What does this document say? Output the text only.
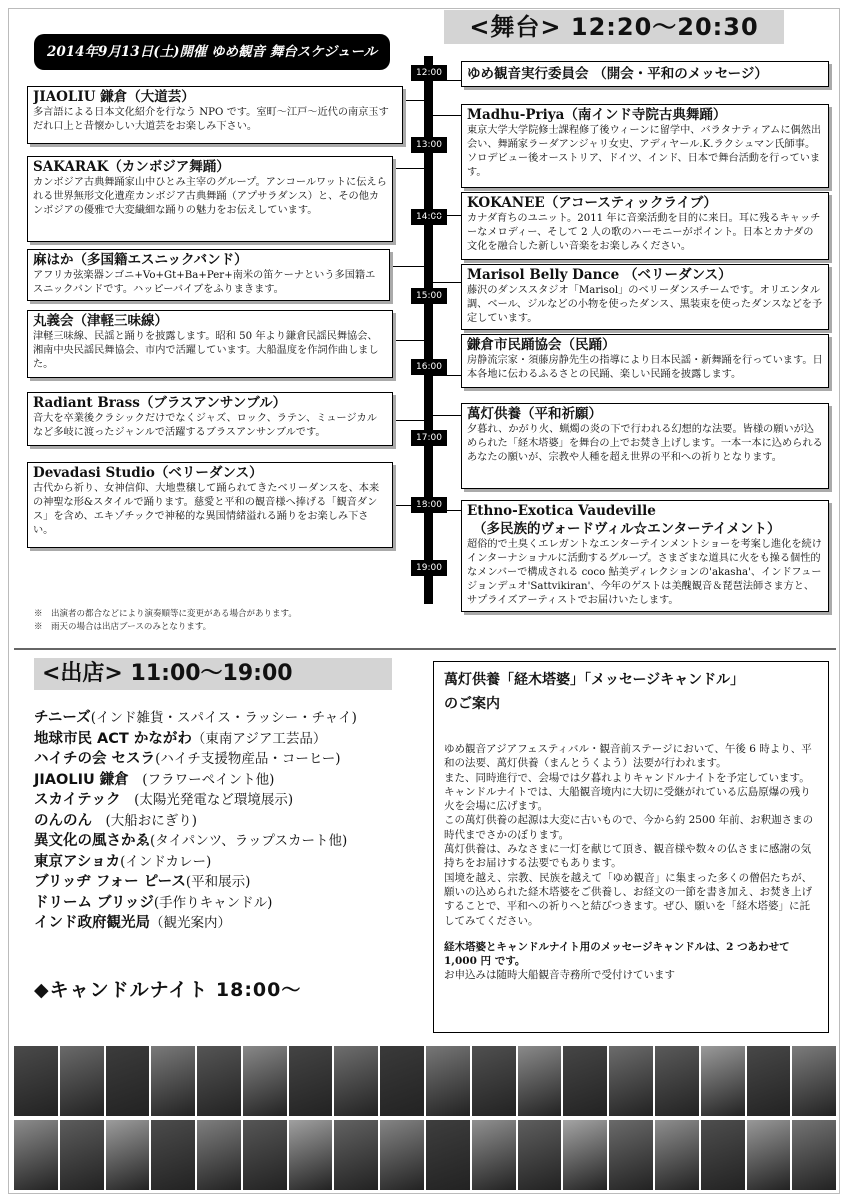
<舞台> 12:20～20:30
2014年9月13日(土)開催 ゆめ観音 舞台スケジュール
12:00
13:00
14:00
15:00
16:00
17:00
18:00
19:00
JIAOLIU 鎌倉（大道芸）
多言語による日本文化紹介を行なう NPO です。室町～江戸～近代の南京玉すだれ口上と昔懐かしい大道芸をお楽しみ下さい。
SAKARAK（カンボジア舞踊）
カンボジア古典舞踊家山中ひとみ主宰のグループ。アンコールワットに伝えられる世界無形文化遺産カンボジア古典舞踊（アプサラダンス）と、その他カンボジアの優雅で大変繊細な踊りの魅力をお伝えしています。
麻はか（多国籍エスニックバンド）
アフリカ弦楽器ンゴニ+Vo+Gt+Ba+Per+南米の笛ケーナという多国籍エスニックバンドです。ハッピーバイブをふりまきます。
丸義会（津軽三味線）
津軽三味線、民謡と踊りを披露します。昭和 50 年より鎌倉民謡民舞協会、湘南中央民謡民舞協会、市内で活躍しています。大船温度を作詞作曲しました。
Radiant Brass（ブラスアンサンブル）
音大を卒業後クラシックだけでなくジャズ、ロック、ラテン、ミュージカルなど多岐に渡ったジャンルで活躍するブラスアンサンブルです。
Devadasi Studio（ベリーダンス）
古代から祈り、女神信仰、大地豊穣して踊られてきたベリーダンスを、本来の神聖な形&スタイルで踊ります。慈愛と平和の観音様へ捧げる「観音ダンス」を含め、エキゾチックで神秘的な異国情緒溢れる踊りをお楽しみ下さい。
ゆめ観音実行委員会 （開会・平和のメッセージ）
Madhu-Priya（南インド寺院古典舞踊）
東京大学大学院修士課程修了後ウィーンに留学中、バラタナティアムに偶然出会い、舞踊家ラーダアンジャリ女史、アディヤール.K.ラクシュマン氏師事。ソロデビュー後オーストリア、ドイツ、インド、日本で舞台活動を行っています。
KOKANEE（アコースティックライブ）
カナダ育ちのユニット。2011 年に音楽活動を目的に来日。耳に残るキャッチーなメロディー、そして 2 人の歌のハーモニーがポイント。日本とカナダの文化を融合した新しい音楽をお楽しみください。
Marisol Belly Dance （ベリーダンス）
藤沢のダンススタジオ「Marisol」のベリーダンスチームです。オリエンタル調、ベール、ジルなどの小物を使ったダンス、黒装束を使ったダンスなどを予定しています。
鎌倉市民踊協会（民踊）
房静流宗家・須藤房静先生の指導により日本民謡・新舞踊を行っています。日本各地に伝わるふるさとの民踊、楽しい民踊を披露します。
萬灯供養（平和祈願）
夕暮れ、かがり火、蝋燭の炎の下で行われる幻想的な法要。皆様の願いが込められた「経木塔婆」を舞台の上でお焚き上げします。一本一本に込められるあなたの願いが、宗教や人種を超え世界の平和への祈りとなります。
Ethno-Exotica Vaudeville
（多民族的ヴォードヴィル☆エンターテイメント）
超俗的で土臭くエレガントなエンターテインメントショーを考案し進化を続けインターナショナルに活動するグループ。さまざまな道具に火をも操る個性的なメンバーで構成される coco 鮎美ディレクションの'akasha'、インドフュージョンデュオ'Sattvikiran'、今年のゲストは美醜観音＆琵琶法師さま方と、サプライズアーティストでお届けいたします。
※　出演者の都合などにより演奏順等に変更がある場合があります。
※　雨天の場合は出店ブースのみとなります。
<出店> 11:00～19:00
チニーズ(インド雑貨・スパイス・ラッシー・チャイ)
地球市民 ACT かながわ（東南アジア工芸品）
ハイチの会 セスラ(ハイチ支援物産品・コーヒー)
JIAOLIU 鎌倉　(フラワーペイント他)
スカイテック　(太陽光発電など環境展示)
のんのん　(大船おにぎり)
異文化の風さかゑ(タイパンツ、ラップスカート他)
東京アショカ(インドカレー)
ブリッヂ フォー ピース(平和展示)
ドリーム ブリッジ(手作りキャンドル)
インド政府観光局（観光案内）
◆キャンドルナイト 18:00～
萬灯供養「経木塔婆」「メッセージキャンドル」
のご案内
ゆめ観音アジアフェスティバル・観音前ステージにおいて、午後 6 時より、平和の法要、萬灯供養（まんとうくよう）法要が行われます。
また、同時進行で、会場では夕暮れよりキャンドルナイトを予定しています。キャンドルナイトでは、大船観音境内に大切に受継がれている広島原爆の残り火を会場に広げます。
この萬灯供養の起源は大変に古いもので、今から約 2500 年前、お釈迦さまの時代までさかのぼります。
萬灯供養は、みなさまに一灯を献じて頂き、観音様や数々の仏さまに感謝の気持ちをお届けする法要でもあります。
国境を越え、宗教、民族を越えて「ゆめ観音」に集まった多くの僧侶たちが、願いの込められた経木塔婆をご供養し、お経文の一節を書き加え、お焚き上げすることで、平和への祈りへと結びつきます。ぜひ、願いを「経木塔婆」に託してみてください。
経木塔婆とキャンドルナイト用のメッセージキャンドルは、2 つあわせて 1,000 円 です。
お申込みは随時大船観音寺務所で受付けています
